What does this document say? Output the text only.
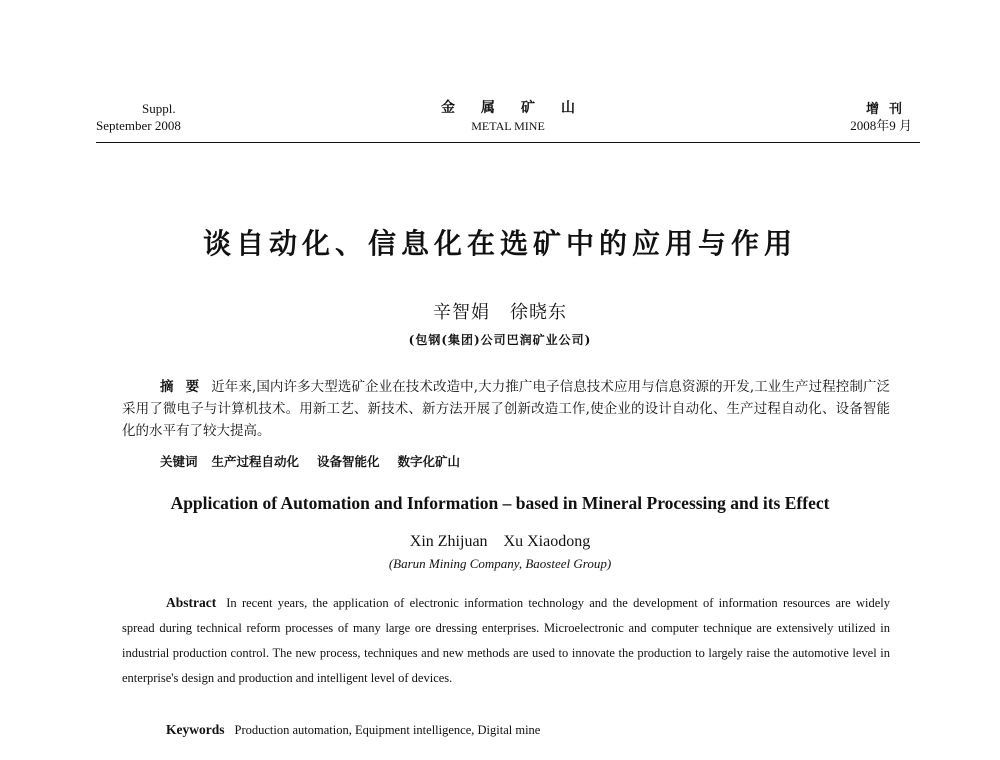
Suppl.
September 2008
金属矿山
METAL MINE
增刊
2008年9 月
谈自动化、信息化在选矿中的应用与作用
辛智娟 徐晓东
(包钢(集团)公司巴润矿业公司)
摘要近年来,国内许多大型选矿企业在技术改造中,大力推广电子信息技术应用与信息资源的开发,工业生产过程控制广泛采用了微电子与计算机技术。用新工艺、新技术、新方法开展了创新改造工作,使企业的设计自动化、生产过程自动化、设备智能化的水平有了较大提高。
关键词 生产过程自动化 设备智能化 数字化矿山
Application of Automation and Information – based in Mineral Processing and its Effect
Xin Zhijuan Xu Xiaodong
(Barun Mining Company, Baosteel Group)
Abstract In recent years, the application of electronic information technology and the development of information resources are widely spread during technical reform processes of many large ore dressing enterprises. Microelectronic and computer technique are extensively utilized in industrial production control. The new process, techniques and new methods are used to innovate the production to largely raise the automotive level in enterprise's design and production and intelligent level of devices.
Keywords Production automation, Equipment intelligence, Digital mine
